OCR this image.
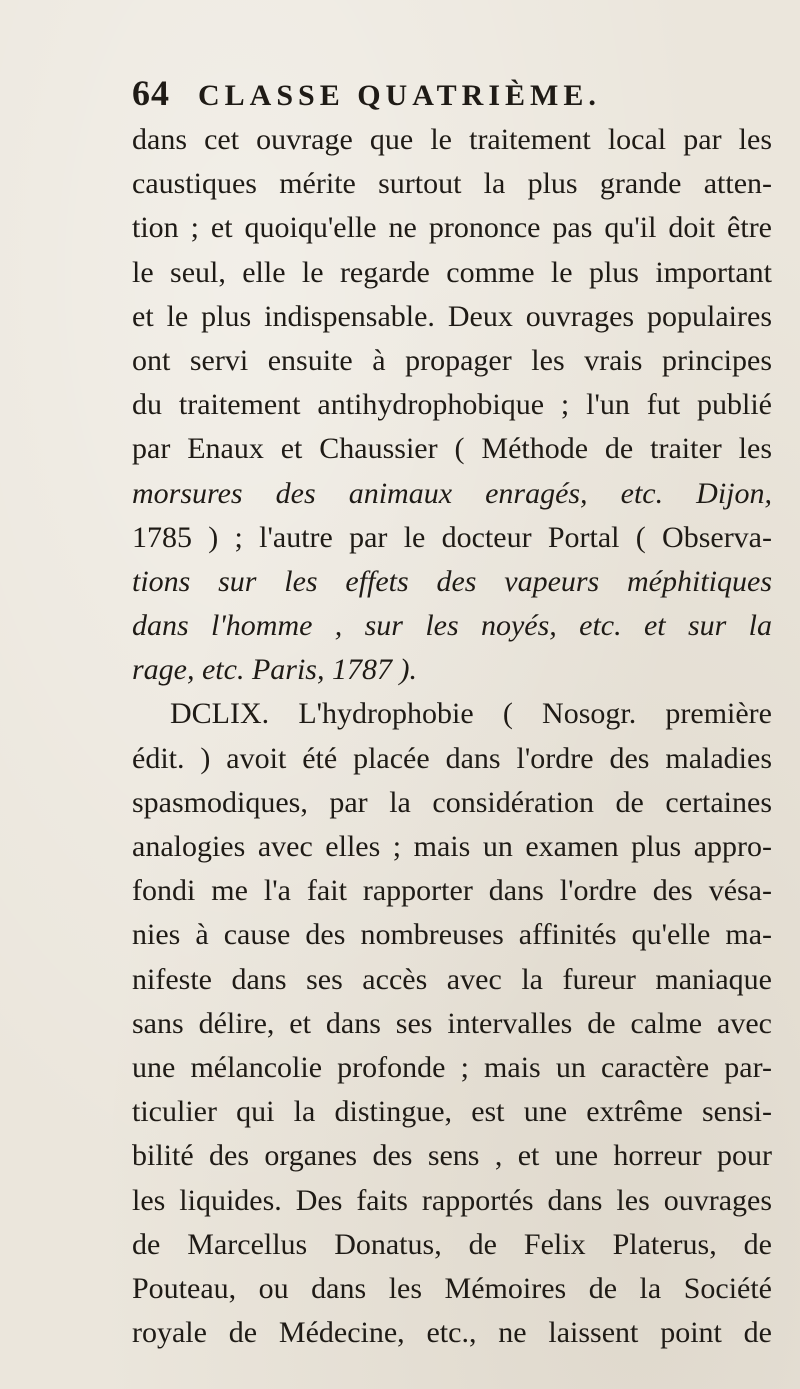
64 CLASSE QUATRIÈME.
dans cet ouvrage que le traitement local par les
caustiques mérite surtout la plus grande atten-
tion ; et quoiqu'elle ne prononce pas qu'il doit être
le seul, elle le regarde comme le plus important
et le plus indispensable. Deux ouvrages populaires
ont servi ensuite à propager les vrais principes
du traitement antihydrophobique ; l'un fut publié
par Enaux et Chaussier ( Méthode de traiter les
morsures des animaux enragés, etc. Dijon,
1785 ) ; l'autre par le docteur Portal ( Observa-
tions sur les effets des vapeurs méphitiques
dans l'homme , sur les noyés, etc. et sur la
rage, etc. Paris, 1787 ).
DCLIX. L'hydrophobie ( Nosogr. première
édit. ) avoit été placée dans l'ordre des maladies
spasmodiques, par la considération de certaines
analogies avec elles ; mais un examen plus appro-
fondi me l'a fait rapporter dans l'ordre des vésa-
nies à cause des nombreuses affinités qu'elle ma-
nifeste dans ses accès avec la fureur maniaque
sans délire, et dans ses intervalles de calme avec
une mélancolie profonde ; mais un caractère par-
ticulier qui la distingue, est une extrême sensi-
bilité des organes des sens , et une horreur pour
les liquides. Des faits rapportés dans les ouvrages
de Marcellus Donatus, de Felix Platerus, de
Pouteau, ou dans les Mémoires de la Société
royale de Médecine, etc., ne laissent point de
